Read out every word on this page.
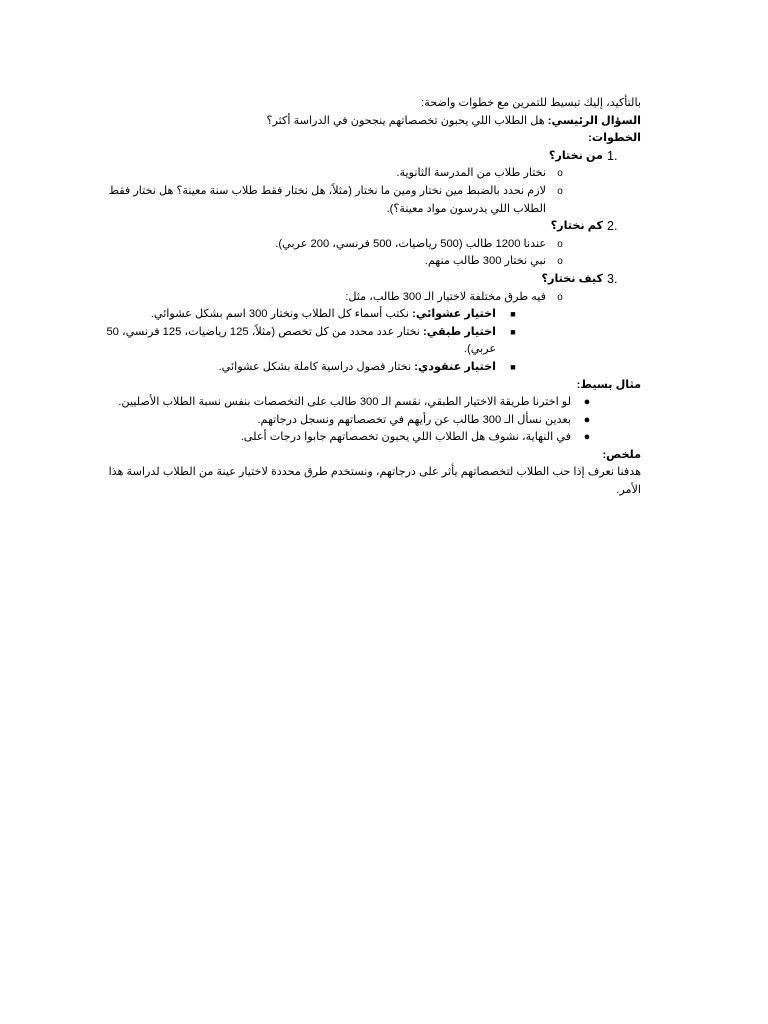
بالتأكيد، إليك تبسيط للتمرين مع خطوات واضحة:

السؤال الرئيسي: هل الطلاب اللي يحبون تخصصاتهم ينجحون في الدراسة أكثر؟

الخطوات:

1.
من نختار؟
o
نختار طلاب من المدرسة الثانوية.
o
لازم نحدد بالضبط مين نختار ومين ما نختار (مثلاً، هل نختار فقط طلاب سنة معينة؟ هل نختار فقط الطلاب اللي يدرسون مواد معينة؟).
2.
كم نختار؟
o
عندنا 1200 طالب (500 رياضيات، 500 فرنسي، 200 عربي).
o
نبي نختار 300 طالب منهم.
3.
كيف نختار؟
o
فيه طرق مختلفة لاختيار الـ 300 طالب، مثل:
■
اختيار عشوائي: نكتب أسماء كل الطلاب ونختار 300 اسم بشكل عشوائي.
■
اختيار طبقي: نختار عدد محدد من كل تخصص (مثلاً، 125 رياضيات، 125 فرنسي، 50 عربي).
■
اختيار عنقودي: نختار فصول دراسية كاملة بشكل عشوائي.

مثال بسيط:

●
لو اخترنا طريقة الاختيار الطبقي، نقسم الـ 300 طالب على التخصصات بنفس نسبة الطلاب الأصليين.
●
بعدين نسأل الـ 300 طالب عن رأيهم في تخصصاتهم ونسجل درجاتهم.
●
في النهاية، نشوف هل الطلاب اللي يحبون تخصصاتهم جابوا درجات أعلى.

ملخص:

هدفنا نعرف إذا حب الطلاب لتخصصاتهم يأثر على درجاتهم، ونستخدم طرق محددة لاختيار عينة من الطلاب لدراسة هذا الأمر.
